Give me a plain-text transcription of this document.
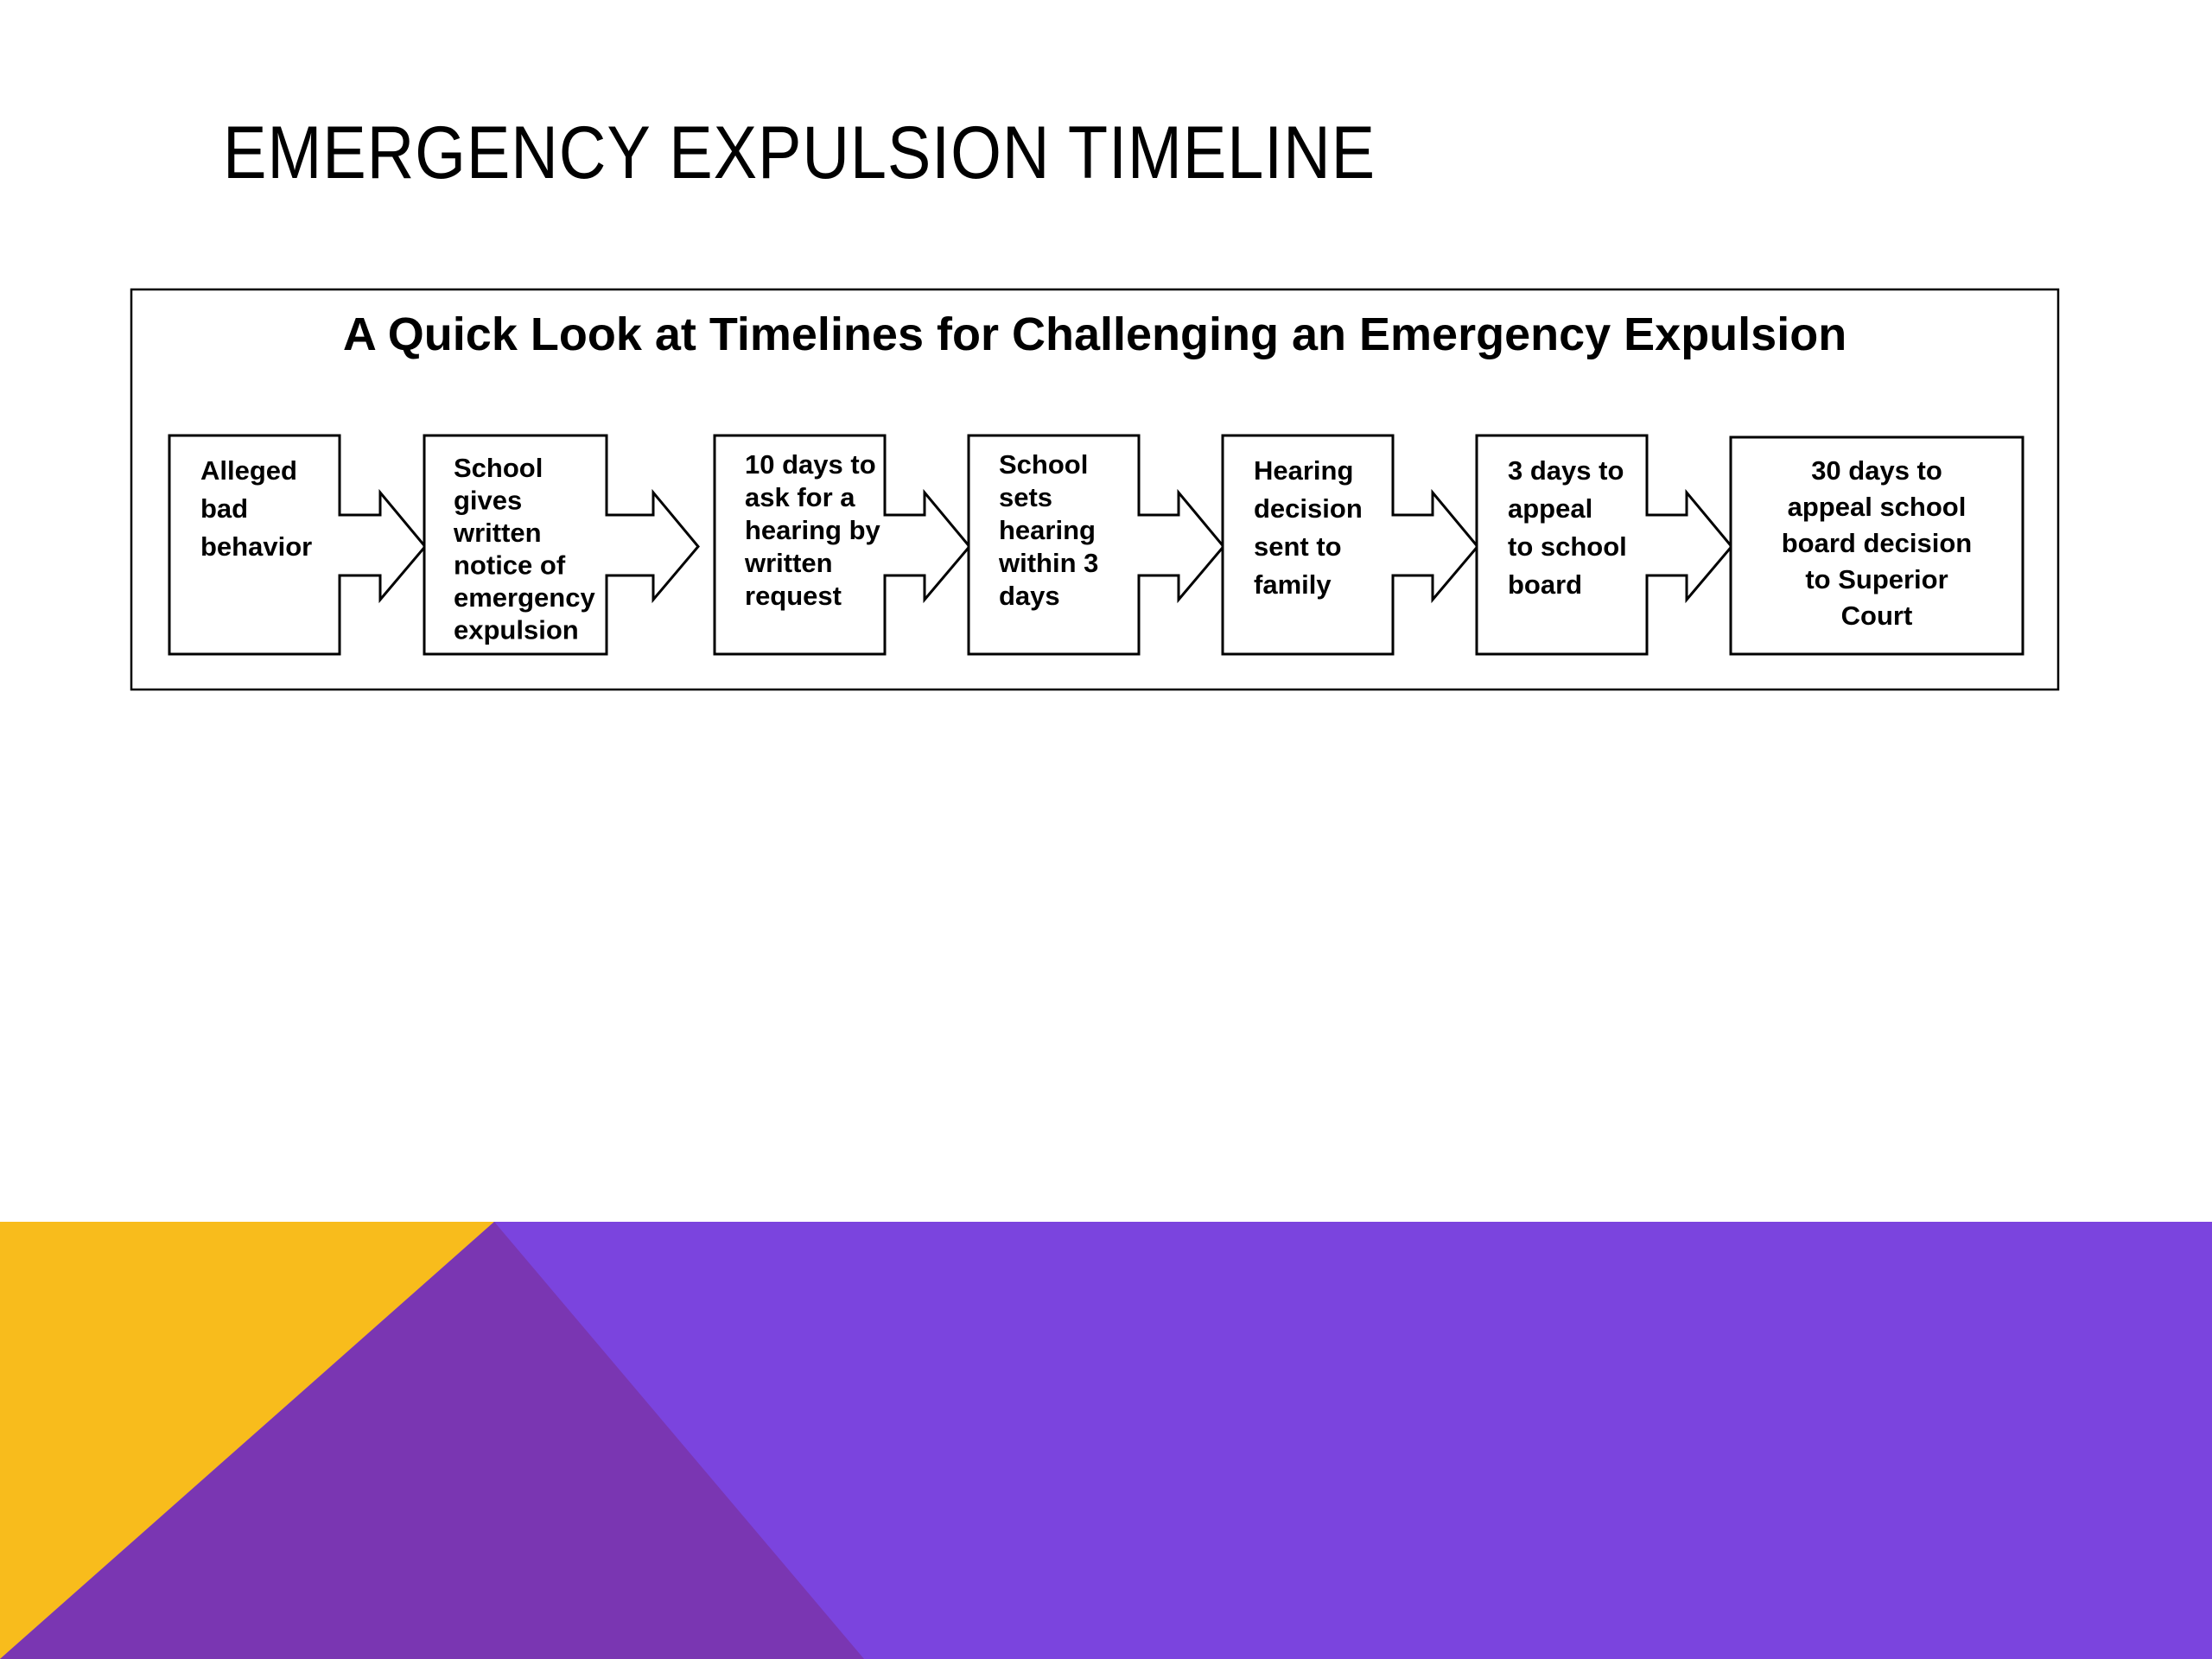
EMERGENCY EXPULSION TIMELINE
A Quick Look at Timelines for Challenging an Emergency Expulsion
Alleged
bad
behavior
School
gives
written
notice of
emergency
expulsion
10 days to
ask for a
hearing by
written
request
School
sets
hearing
within 3
days
Hearing
decision
sent to
family
3 days to
appeal
to school
board
30 days to
appeal school
board decision
to Superior
Court
